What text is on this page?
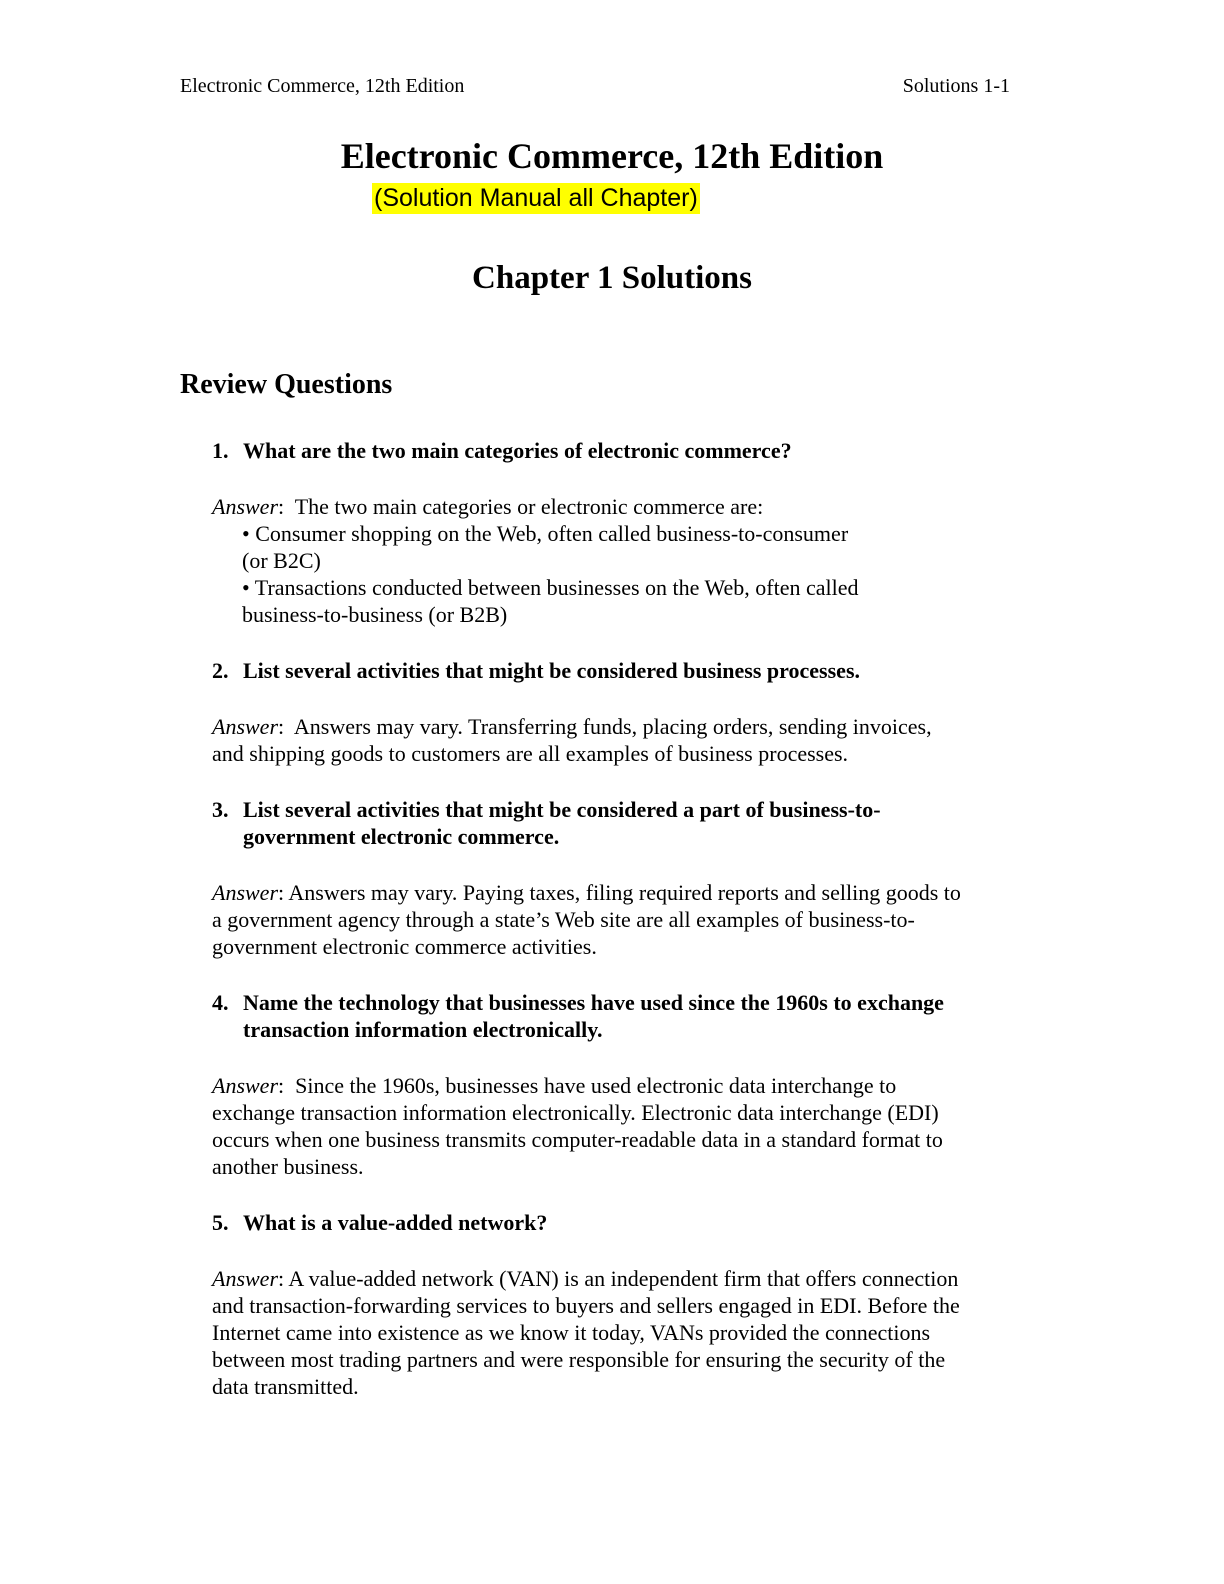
Electronic Commerce, 12th Edition	Solutions 1-1
Electronic Commerce, 12th Edition
(Solution Manual all Chapter)
Chapter 1 Solutions
Review Questions
1. What are the two main categories of electronic commerce?
Answer:  The two main categories or electronic commerce are:
• Consumer shopping on the Web, often called business-to-consumer
(or B2C)
• Transactions conducted between businesses on the Web, often called
business-to-business (or B2B)
2. List several activities that might be considered business processes.
Answer:  Answers may vary. Transferring funds, placing orders, sending invoices,
and shipping goods to customers are all examples of business processes.
3. List several activities that might be considered a part of business-to-
government electronic commerce.
Answer: Answers may vary. Paying taxes, filing required reports and selling goods to
a government agency through a state’s Web site are all examples of business-to-
government electronic commerce activities.
4. Name the technology that businesses have used since the 1960s to exchange
transaction information electronically.
Answer:  Since the 1960s, businesses have used electronic data interchange to
exchange transaction information electronically. Electronic data interchange (EDI)
occurs when one business transmits computer-readable data in a standard format to
another business.
5. What is a value-added network?
Answer: A value-added network (VAN) is an independent firm that offers connection
and transaction-forwarding services to buyers and sellers engaged in EDI. Before the
Internet came into existence as we know it today, VANs provided the connections
between most trading partners and were responsible for ensuring the security of the
data transmitted.
